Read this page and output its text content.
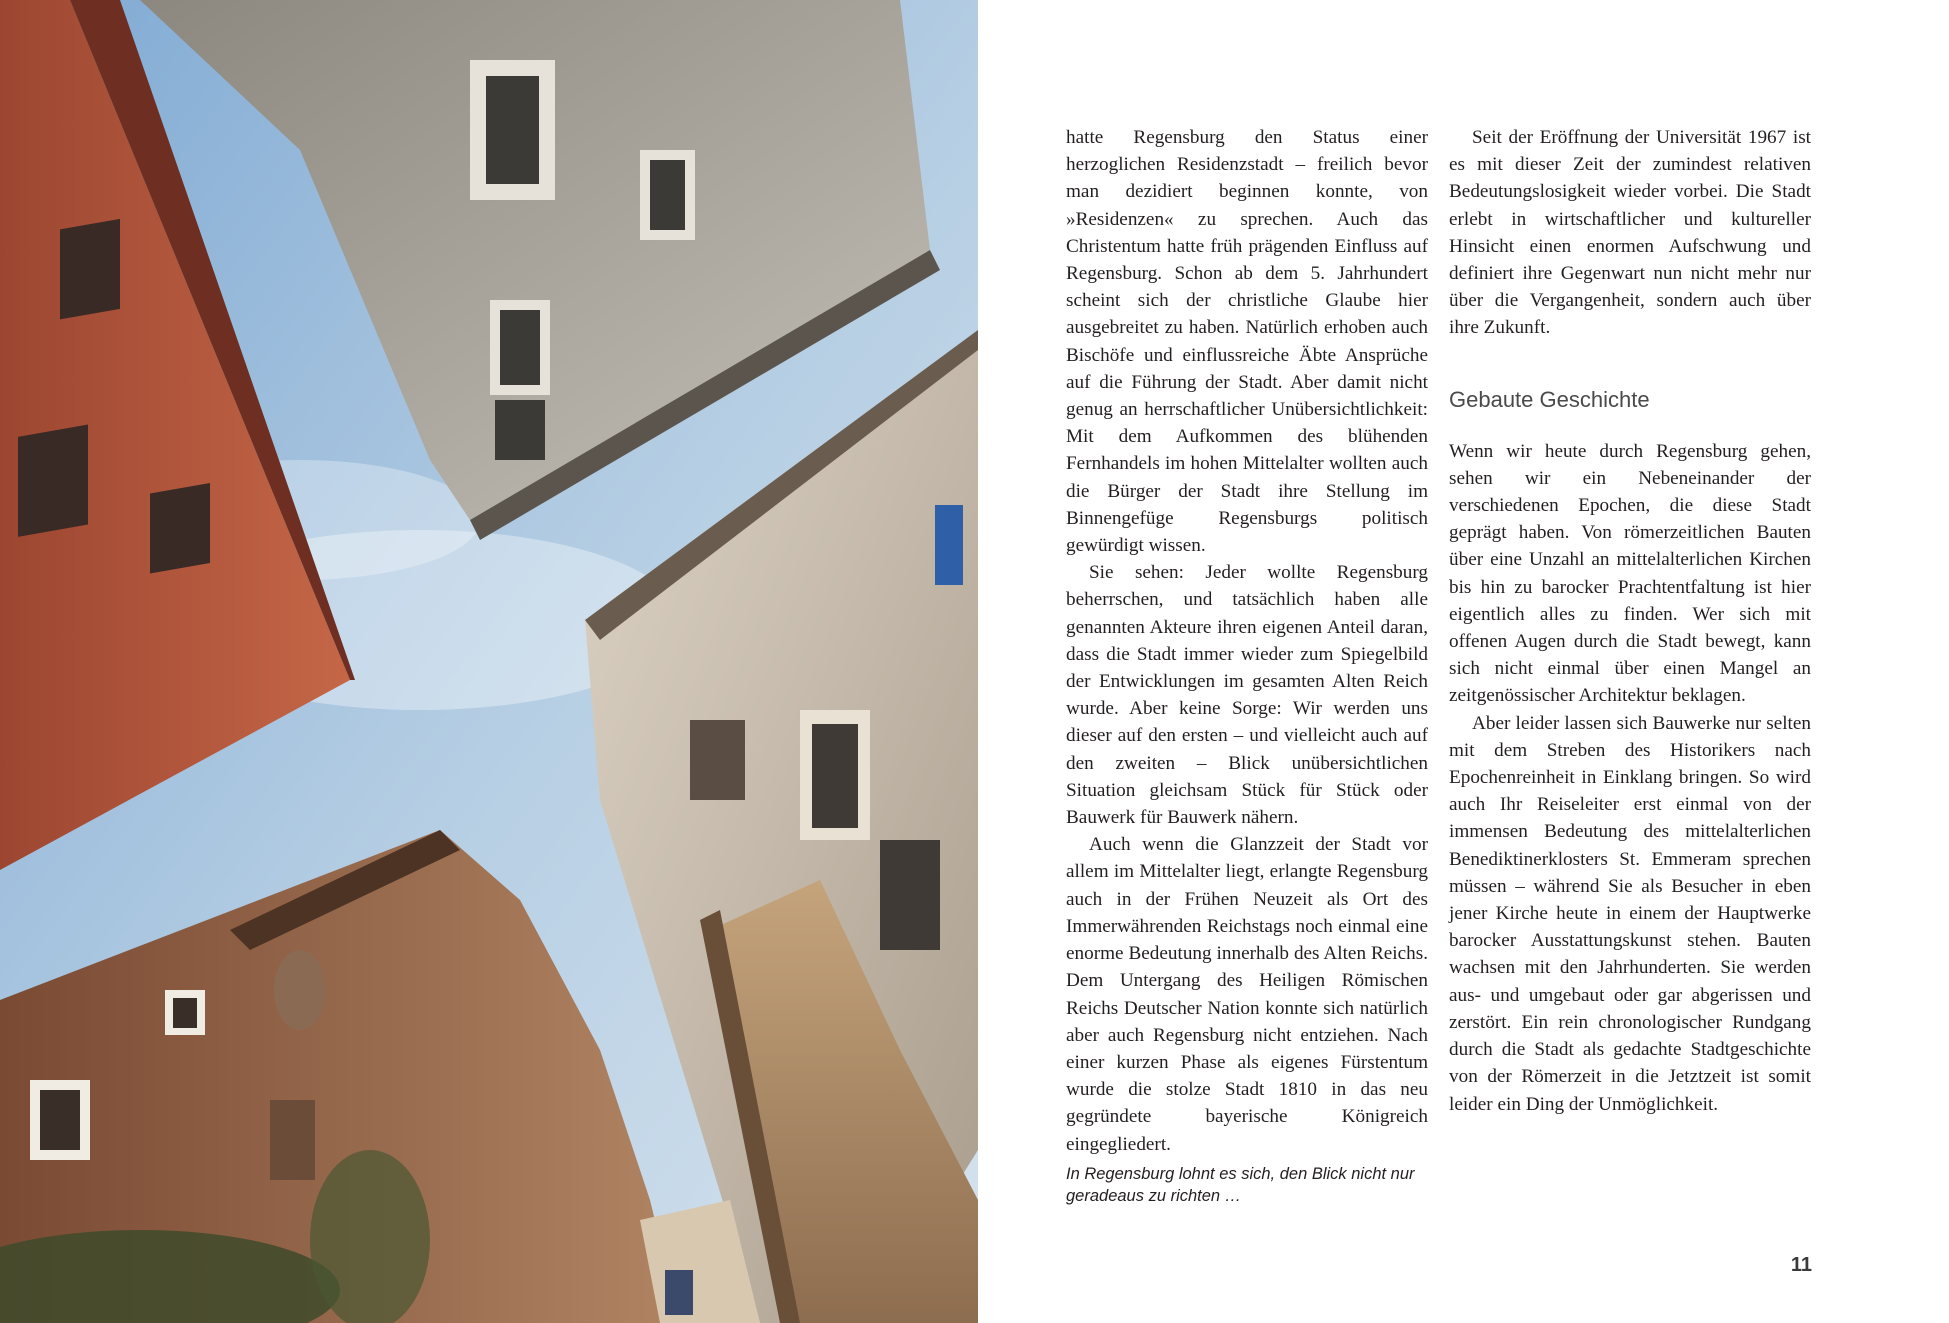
hatte Regensburg den Status einer herzoglichen Residenzstadt – freilich bevor man dezidiert beginnen konnte, von »Residenzen« zu sprechen. Auch das Christentum hatte früh prägenden Einfluss auf Regensburg. Schon ab dem 5. Jahrhundert scheint sich der christliche Glaube hier ausgebreitet zu haben. Natürlich erhoben auch Bischöfe und einflussreiche Äbte Ansprüche auf die Führung der Stadt. Aber damit nicht genug an herrschaftlicher Unübersichtlichkeit: Mit dem Aufkommen des blühenden Fernhandels im hohen Mittelalter wollten auch die Bürger der Stadt ihre Stellung im Binnengefüge Regensburgs politisch gewürdigt wissen.

Sie sehen: Jeder wollte Regensburg beherrschen, und tatsächlich haben alle genannten Akteure ihren eigenen Anteil daran, dass die Stadt immer wieder zum Spiegelbild der Entwicklungen im gesamten Alten Reich wurde. Aber keine Sorge: Wir werden uns dieser auf den ersten – und vielleicht auch auf den zweiten – Blick unübersichtlichen Situation gleichsam Stück für Stück oder Bauwerk für Bauwerk nähern.

Auch wenn die Glanzzeit der Stadt vor allem im Mittelalter liegt, erlangte Regensburg auch in der Frühen Neuzeit als Ort des Immerwährenden Reichstags noch einmal eine enorme Bedeutung innerhalb des Alten Reichs. Dem Untergang des Heiligen Römischen Reichs Deutscher Nation konnte sich natürlich aber auch Regensburg nicht entziehen. Nach einer kurzen Phase als eigenes Fürstentum wurde die stolze Stadt 1810 in das neu gegründete bayerische Königreich eingegliedert.

Seit der Eröffnung der Universität 1967 ist es mit dieser Zeit der zumindest relativen Bedeutungslosigkeit wieder vorbei. Die Stadt erlebt in wirtschaftlicher und kultureller Hinsicht einen enormen Aufschwung und definiert ihre Gegenwart nun nicht mehr nur über die Vergangenheit, sondern auch über ihre Zukunft.

Gebaute Geschichte

Wenn wir heute durch Regensburg gehen, sehen wir ein Nebeneinander der verschiedenen Epochen, die diese Stadt geprägt haben. Von römerzeitlichen Bauten über eine Unzahl an mittelalterlichen Kirchen bis hin zu barocker Prachtentfaltung ist hier eigentlich alles zu finden. Wer sich mit offenen Augen durch die Stadt bewegt, kann sich nicht einmal über einen Mangel an zeitgenössischer Architektur beklagen.

Aber leider lassen sich Bauwerke nur selten mit dem Streben des Historikers nach Epochenreinheit in Einklang bringen. So wird auch Ihr Reiseleiter erst einmal von der immensen Bedeutung des mittelalterlichen Benediktinerklosters St. Emmeram sprechen müssen – während Sie als Besucher in eben jener Kirche heute in einem der Hauptwerke barocker Ausstattungskunst stehen. Bauten wachsen mit den Jahrhunderten. Sie werden aus- und umgebaut oder gar abgerissen und zerstört. Ein rein chronologischer Rundgang durch die Stadt als gedachte Stadtgeschichte von der Römerzeit in die Jetztzeit ist somit leider ein Ding der Unmöglichkeit.

In Regensburg lohnt es sich, den Blick nicht nur geradeaus zu richten …
11
